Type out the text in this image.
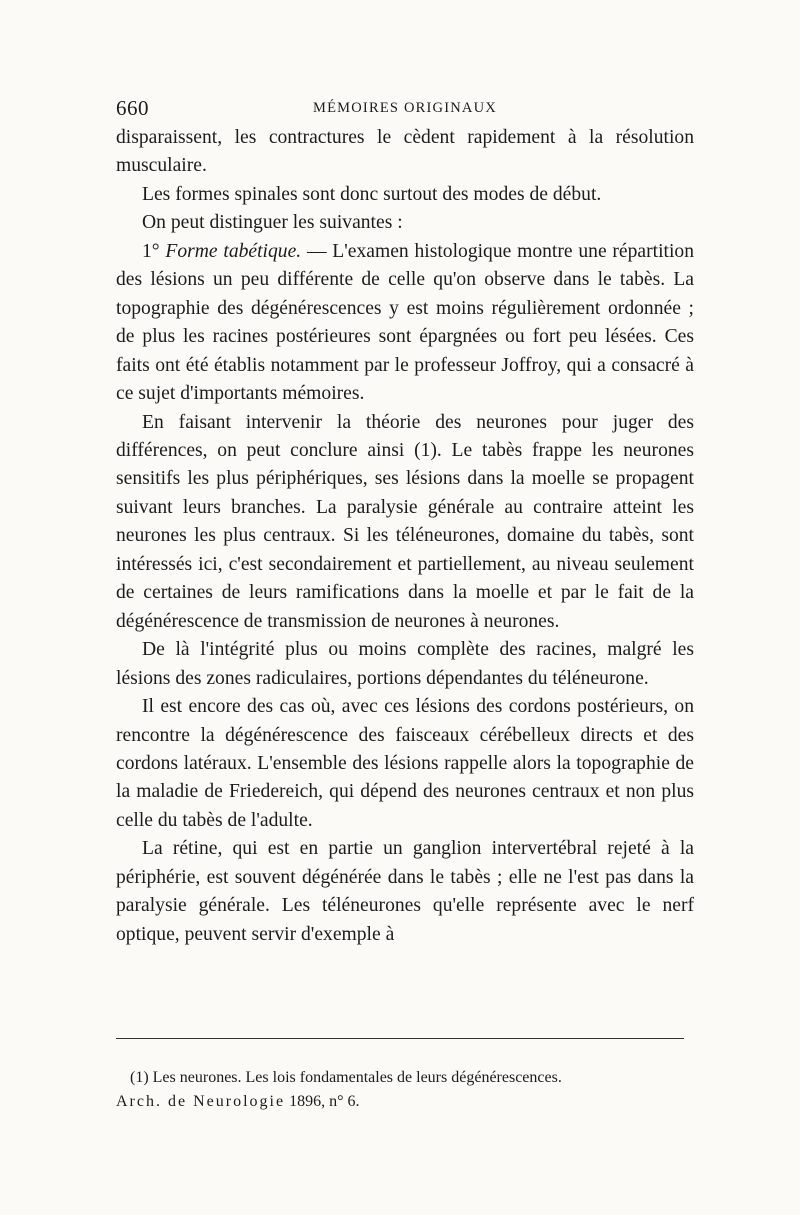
660	MÉMOIRES ORIGINAUX

disparaissent, les contractures le cèdent rapidement à la résolution musculaire.

Les formes spinales sont donc surtout des modes de début.

On peut distinguer les suivantes :

1° Forme tabétique. — L'examen histologique montre une répartition des lésions un peu différente de celle qu'on observe dans le tabès. La topographie des dégénérescences y est moins régulièrement ordonnée ; de plus les racines postérieures sont épargnées ou fort peu lésées. Ces faits ont été établis notamment par le professeur Joffroy, qui a consacré à ce sujet d'importants mémoires.

En faisant intervenir la théorie des neurones pour juger des différences, on peut conclure ainsi (1). Le tabès frappe les neurones sensitifs les plus périphériques, ses lésions dans la moelle se propagent suivant leurs branches. La paralysie générale au contraire atteint les neurones les plus centraux. Si les téléneurones, domaine du tabès, sont intéressés ici, c'est secondairement et partiellement, au niveau seulement de certaines de leurs ramifications dans la moelle et par le fait de la dégénérescence de transmission de neurones à neurones.

De là l'intégrité plus ou moins complète des racines, malgré les lésions des zones radiculaires, portions dépendantes du téléneurone.

Il est encore des cas où, avec ces lésions des cordons postérieurs, on rencontre la dégénérescence des faisceaux cérébelleux directs et des cordons latéraux. L'ensemble des lésions rappelle alors la topographie de la maladie de Friedereich, qui dépend des neurones centraux et non plus celle du tabès de l'adulte.

La rétine, qui est en partie un ganglion intervertébral rejeté à la périphérie, est souvent dégénérée dans le tabès ; elle ne l'est pas dans la paralysie générale. Les téléneurones qu'elle représente avec le nerf optique, peuvent servir d'exemple à

(1) Les neurones. Les lois fondamentales de leurs dégénérescences.

Arch. de Neurologie 1896, n° 6.
